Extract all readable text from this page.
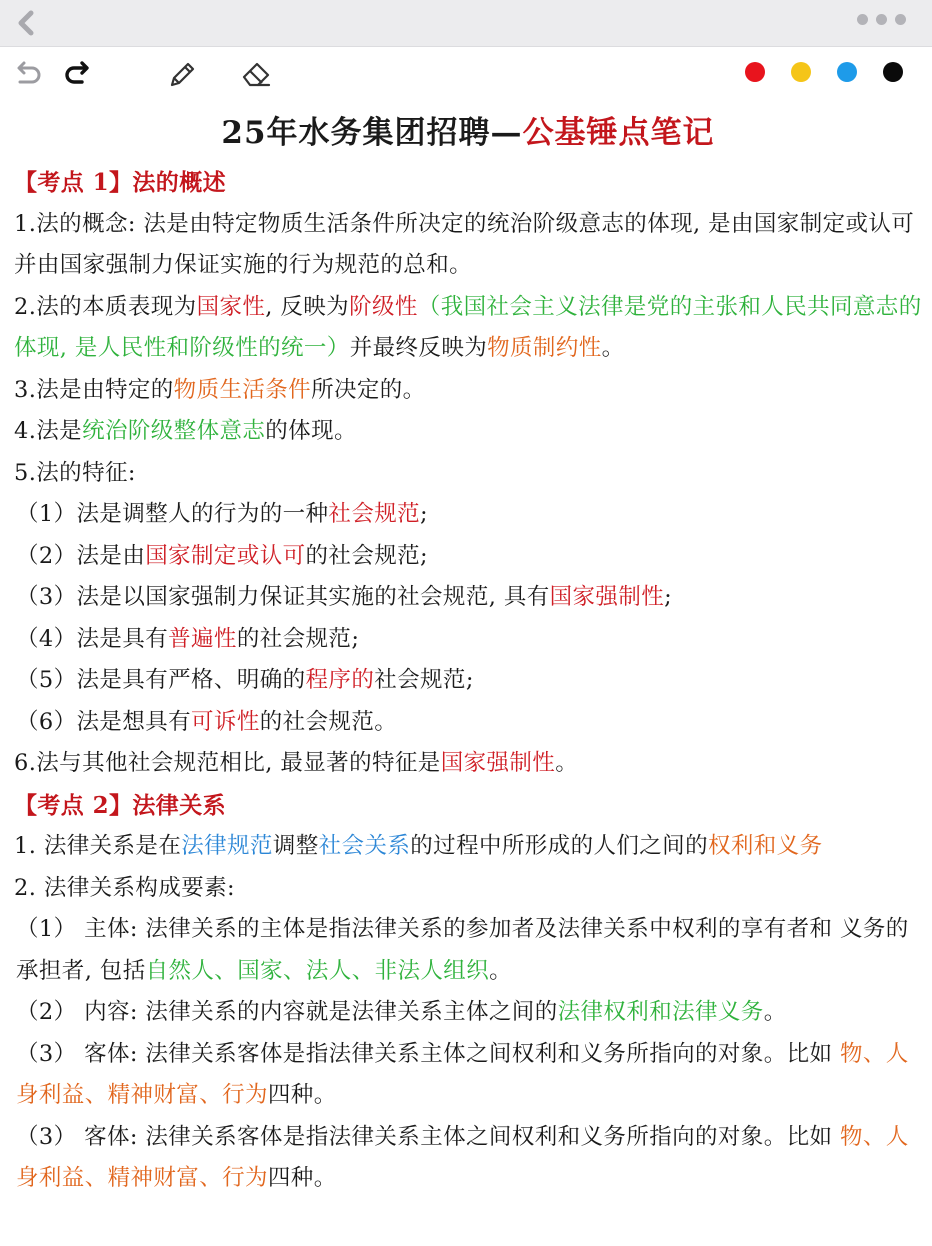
25年水务集团招聘—公基锤点笔记
【考点 1】法的概述

1.法的概念: 法是由特定物质生活条件所决定的统治阶级意志的体现, 是由国家制定或认可并由国家强制力保证实施的行为规范的总和。

2.法的本质表现为国家性, 反映为阶级性（我国社会主义法律是党的主张和人民共同意志的体现, 是人民性和阶级性的统一）并最终反映为物质制约性。

3.法是由特定的物质生活条件所决定的。

4.法是统治阶级整体意志的体现。

5.法的特征:

（1）法是调整人的行为的一种社会规范;

（2）法是由国家制定或认可的社会规范;

（3）法是以国家强制力保证其实施的社会规范, 具有国家强制性;

（4）法是具有普遍性的社会规范;

（5）法是具有严格、明确的程序的社会规范;

（6）法是想具有可诉性的社会规范。

6.法与其他社会规范相比, 最显著的特征是国家强制性。

【考点 2】法律关系

1. 法律关系是在法律规范调整社会关系的过程中所形成的人们之间的权利和义务

2. 法律关系构成要素:

（1） 主体: 法律关系的主体是指法律关系的参加者及法律关系中权利的享有者和 义务的承担者, 包括自然人、国家、法人、非法人组织。

（2） 内容: 法律关系的内容就是法律关系主体之间的法律权利和法律义务。

（3） 客体: 法律关系客体是指法律关系主体之间权利和义务所指向的对象。比如 物、人身利益、精神财富、行为四种。

（3） 客体: 法律关系客体是指法律关系主体之间权利和义务所指向的对象。比如 物、人身利益、精神财富、行为四种。
